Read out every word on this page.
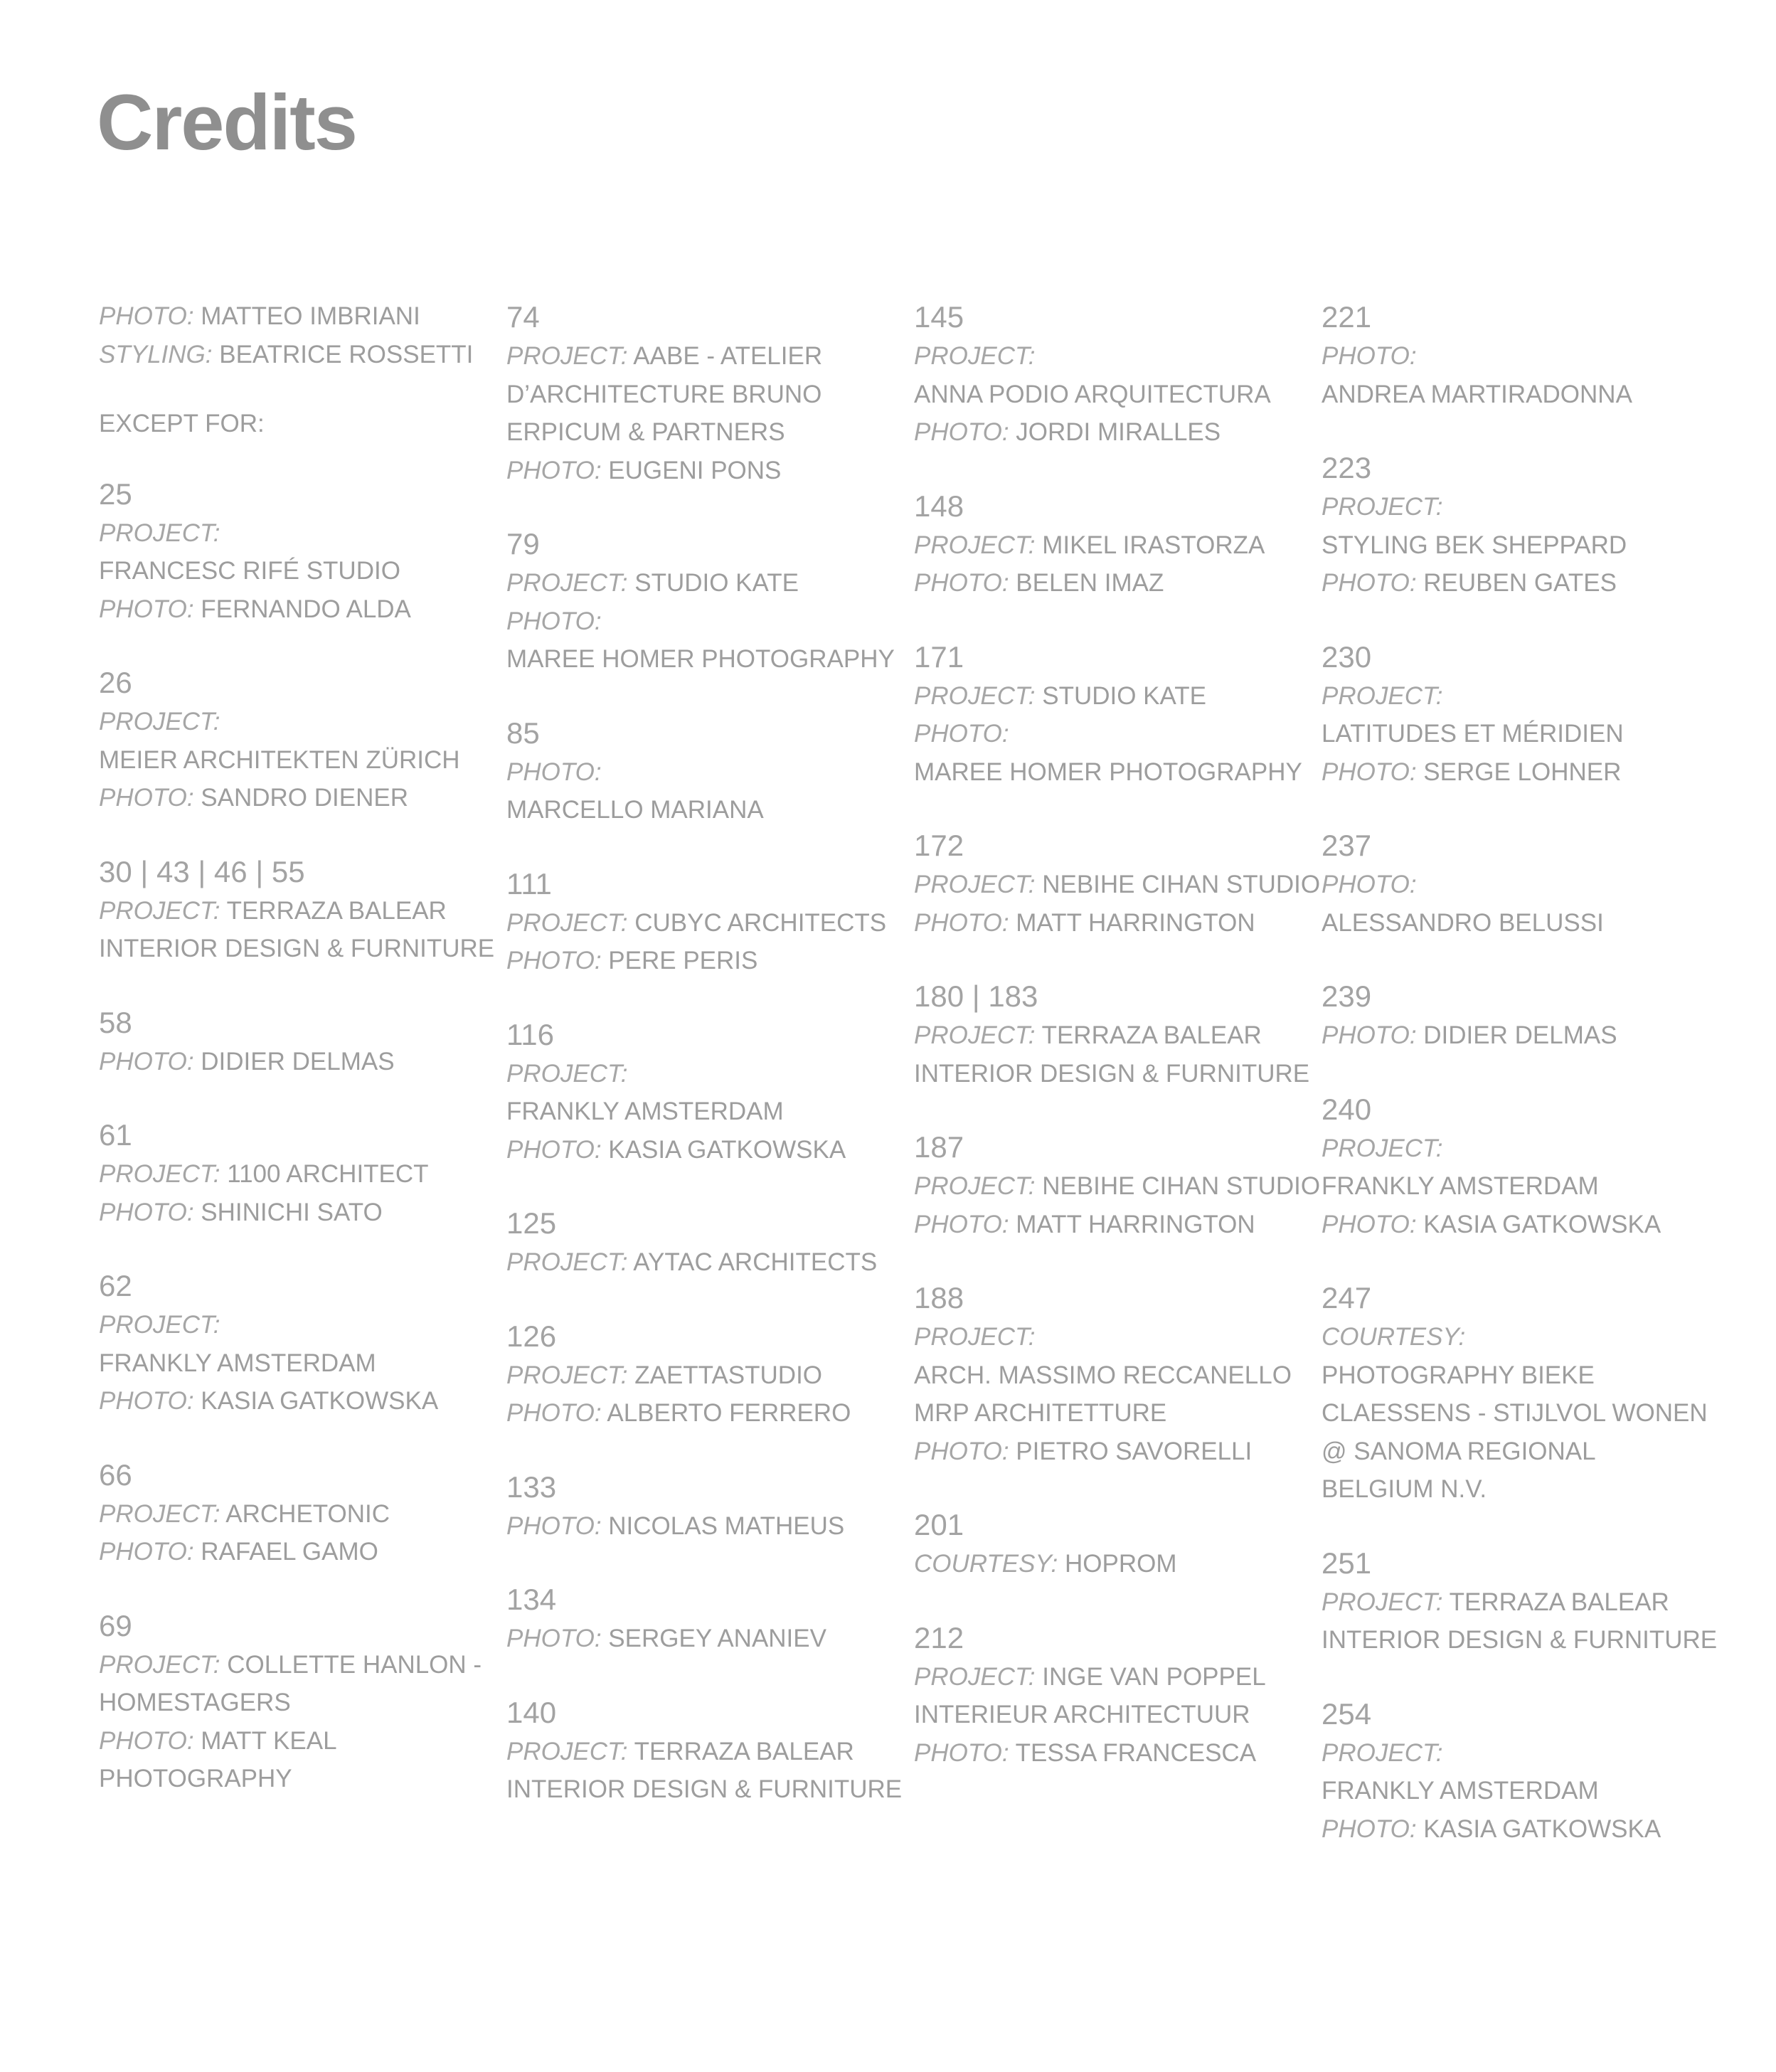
Credits
PHOTO: MATTEO IMBRIANI
STYLING: BEATRICE ROSSETTI
EXCEPT FOR:
25
PROJECT:
FRANCESC RIFÉ STUDIO
PHOTO: FERNANDO ALDA
26
PROJECT:
MEIER ARCHITEKTEN ZÜRICH
PHOTO: SANDRO DIENER
30 | 43 | 46 | 55
PROJECT: TERRAZA BALEAR
INTERIOR DESIGN & FURNITURE
58
PHOTO: DIDIER DELMAS
61
PROJECT: 1100 ARCHITECT
PHOTO: SHINICHI SATO
62
PROJECT:
FRANKLY AMSTERDAM
PHOTO: KASIA GATKOWSKA
66
PROJECT: ARCHETONIC
PHOTO: RAFAEL GAMO
69
PROJECT: COLLETTE HANLON -
HOMESTAGERS
PHOTO: MATT KEAL
PHOTOGRAPHY
74
PROJECT: AABE - ATELIER
D’ARCHITECTURE BRUNO
ERPICUM & PARTNERS
PHOTO: EUGENI PONS
79
PROJECT: STUDIO KATE
PHOTO:
MAREE HOMER PHOTOGRAPHY
85
PHOTO:
MARCELLO MARIANA
111
PROJECT: CUBYC ARCHITECTS
PHOTO: PERE PERIS
116
PROJECT:
FRANKLY AMSTERDAM
PHOTO: KASIA GATKOWSKA
125
PROJECT: AYTAC ARCHITECTS
126
PROJECT: ZAETTASTUDIO
PHOTO: ALBERTO FERRERO
133
PHOTO: NICOLAS MATHEUS
134
PHOTO: SERGEY ANANIEV
140
PROJECT: TERRAZA BALEAR
INTERIOR DESIGN & FURNITURE
145
PROJECT:
ANNA PODIO ARQUITECTURA
PHOTO: JORDI MIRALLES
148
PROJECT: MIKEL IRASTORZA
PHOTO: BELEN IMAZ
171
PROJECT: STUDIO KATE
PHOTO:
MAREE HOMER PHOTOGRAPHY
172
PROJECT: NEBIHE CIHAN STUDIO
PHOTO: MATT HARRINGTON
180 | 183
PROJECT: TERRAZA BALEAR
INTERIOR DESIGN & FURNITURE
187
PROJECT: NEBIHE CIHAN STUDIO
PHOTO: MATT HARRINGTON
188
PROJECT:
ARCH. MASSIMO RECCANELLO
MRP ARCHITETTURE
PHOTO: PIETRO SAVORELLI
201
COURTESY: HOPROM
212
PROJECT: INGE VAN POPPEL
INTERIEUR ARCHITECTUUR
PHOTO: TESSA FRANCESCA
221
PHOTO:
ANDREA MARTIRADONNA
223
PROJECT:
STYLING BEK SHEPPARD
PHOTO: REUBEN GATES
230
PROJECT:
LATITUDES ET MÉRIDIEN
PHOTO: SERGE LOHNER
237
PHOTO:
ALESSANDRO BELUSSI
239
PHOTO: DIDIER DELMAS
240
PROJECT:
FRANKLY AMSTERDAM
PHOTO: KASIA GATKOWSKA
247
COURTESY:
PHOTOGRAPHY BIEKE
CLAESSENS - STIJLVOL WONEN
@ SANOMA REGIONAL
BELGIUM N.V.
251
PROJECT: TERRAZA BALEAR
INTERIOR DESIGN & FURNITURE
254
PROJECT:
FRANKLY AMSTERDAM
PHOTO: KASIA GATKOWSKA
